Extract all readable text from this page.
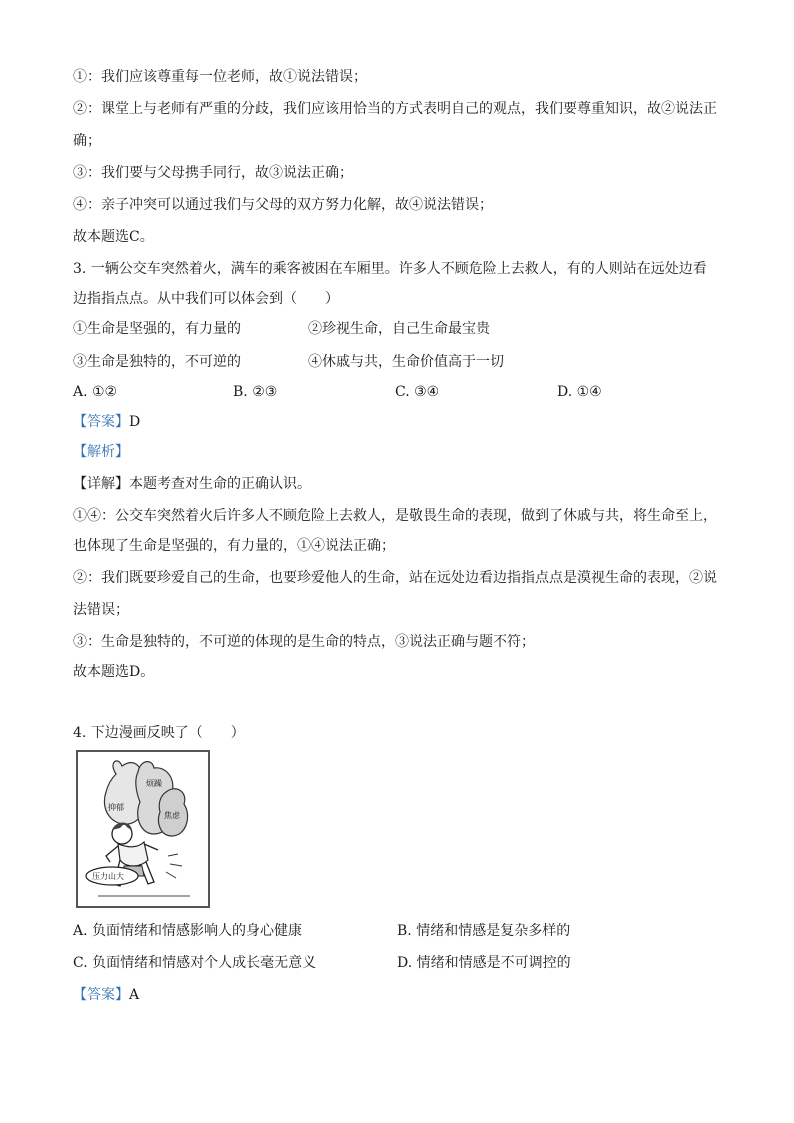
①：我们应该尊重每一位老师，故①说法错误；
②：课堂上与老师有严重的分歧，我们应该用恰当的方式表明自己的观点，我们要尊重知识，故②说法正
确；
③：我们要与父母携手同行，故③说法正确；
④：亲子冲突可以通过我们与父母的双方努力化解，故④说法错误；
故本题选C。
3. 一辆公交车突然着火，满车的乘客被困在车厢里。许多人不顾危险上去救人，有的人则站在远处边看
边指指点点。从中我们可以体会到（　　）
①生命是坚强的，有力量的	②珍视生命，自己生命最宝贵
③生命是独特的，不可逆的	④休戚与共，生命价值高于一切
A. ①②	B. ②③	C. ③④	D. ①④
【答案】D
【解析】
【详解】本题考查对生命的正确认识。
①④：公交车突然着火后许多人不顾危险上去救人，是敬畏生命的表现，做到了休戚与共，将生命至上，
也体现了生命是坚强的，有力量的，①④说法正确；
②：我们既要珍爱自己的生命，也要珍爱他人的生命，站在远处边看边指指点点是漠视生命的表现，②说
法错误；
③：生命是独特的，不可逆的体现的是生命的特点，③说法正确与题不符；
故本题选D。
4. 下边漫画反映了（　　）
烦躁
焦虑
抑郁
压力山大
A. 负面情绪和情感影响人的身心健康	B. 情绪和情感是复杂多样的
C. 负面情绪和情感对个人成长毫无意义	D. 情绪和情感是不可调控的
【答案】A
